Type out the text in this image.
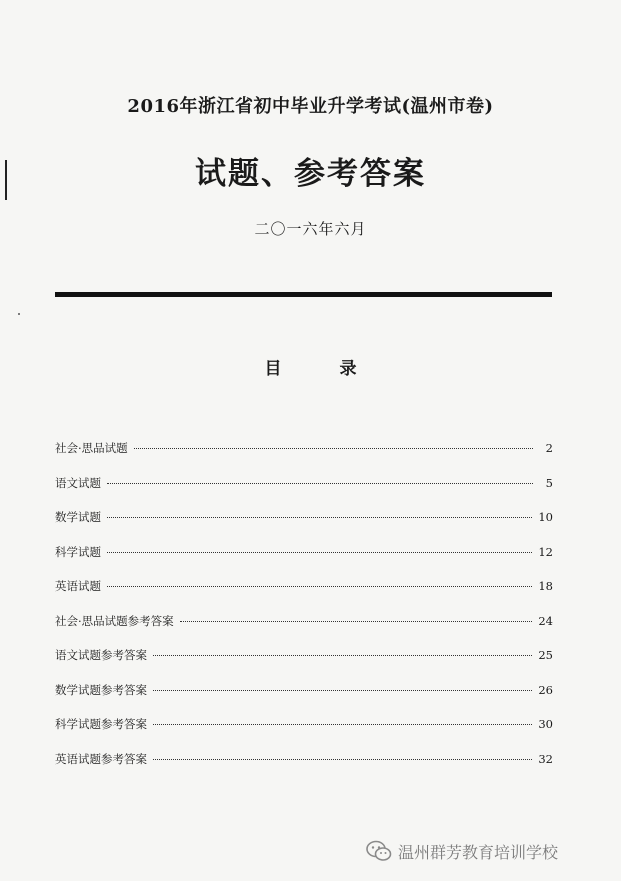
2016年浙江省初中毕业升学考试(温州市卷)
试题、参考答案
二〇一六年六月
目 录
社会·思品试题	2
语文试题	5
数学试题	10
科学试题	12
英语试题	18
社会·思品试题参考答案	24
语文试题参考答案	25
数学试题参考答案	26
科学试题参考答案	30
英语试题参考答案	32
温州群芳教育培训学校
